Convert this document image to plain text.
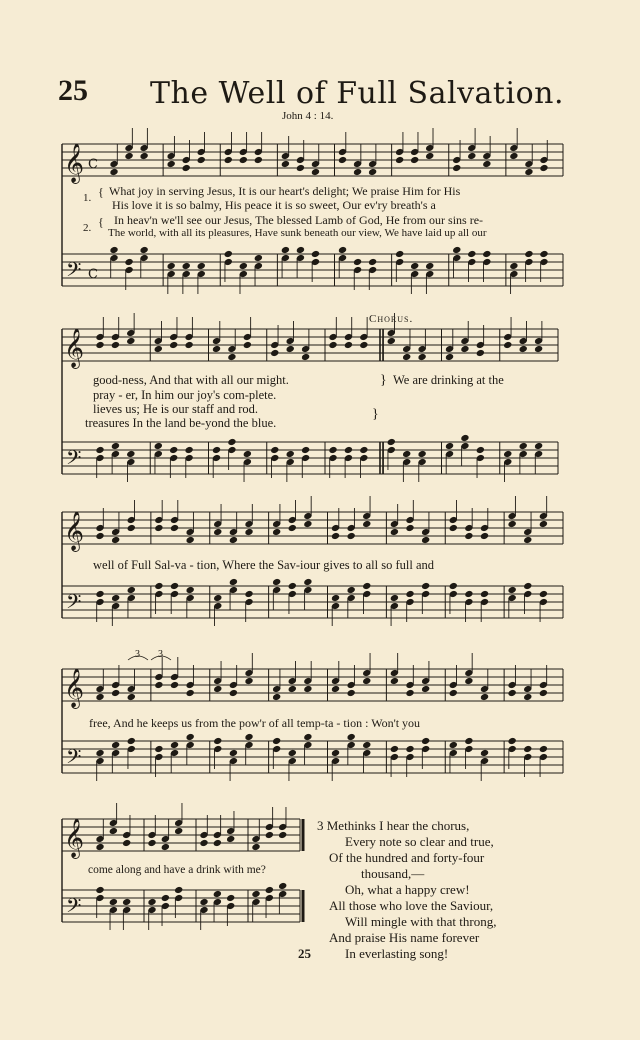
25 The Well of Full Salvation.
John 4 : 14.
𝄞
𝄢
C
C
𝄞
𝄢
𝄞
𝄢
𝄞
𝄢
𝄞
𝄢
1.
2.
{
{
What joy in serving Jesus, It is our heart's delight; We praise Him for His
His love it is so balmy, His peace it is so sweet, Our ev'ry breath's a
In heav'n we'll see our Jesus, The blessed Lamb of God, He from our sins re-
The world, with all its pleasures, Have sunk beneath our view, We have laid up all our
Chorus.
good-ness, And that with all our might.
pray - er, In him our joy's com-plete.
lieves us; He is our staff and rod.
treasures In the land be-yond the blue.
}
}
We are drinking at the
well of Full Sal-va - tion, Where the Sav-iour gives to all so full and
free, And he keeps us from the pow'r of all temp-ta - tion : Won't you
3 3
come along and have a drink with me?
3 Methinks I hear the chorus,
Every note so clear and true,
Of the hundred and forty-four
thousand,—
Oh, what a happy crew!
All those who love the Saviour,
Will mingle with that throng,
And praise His name forever
In everlasting song!
25
